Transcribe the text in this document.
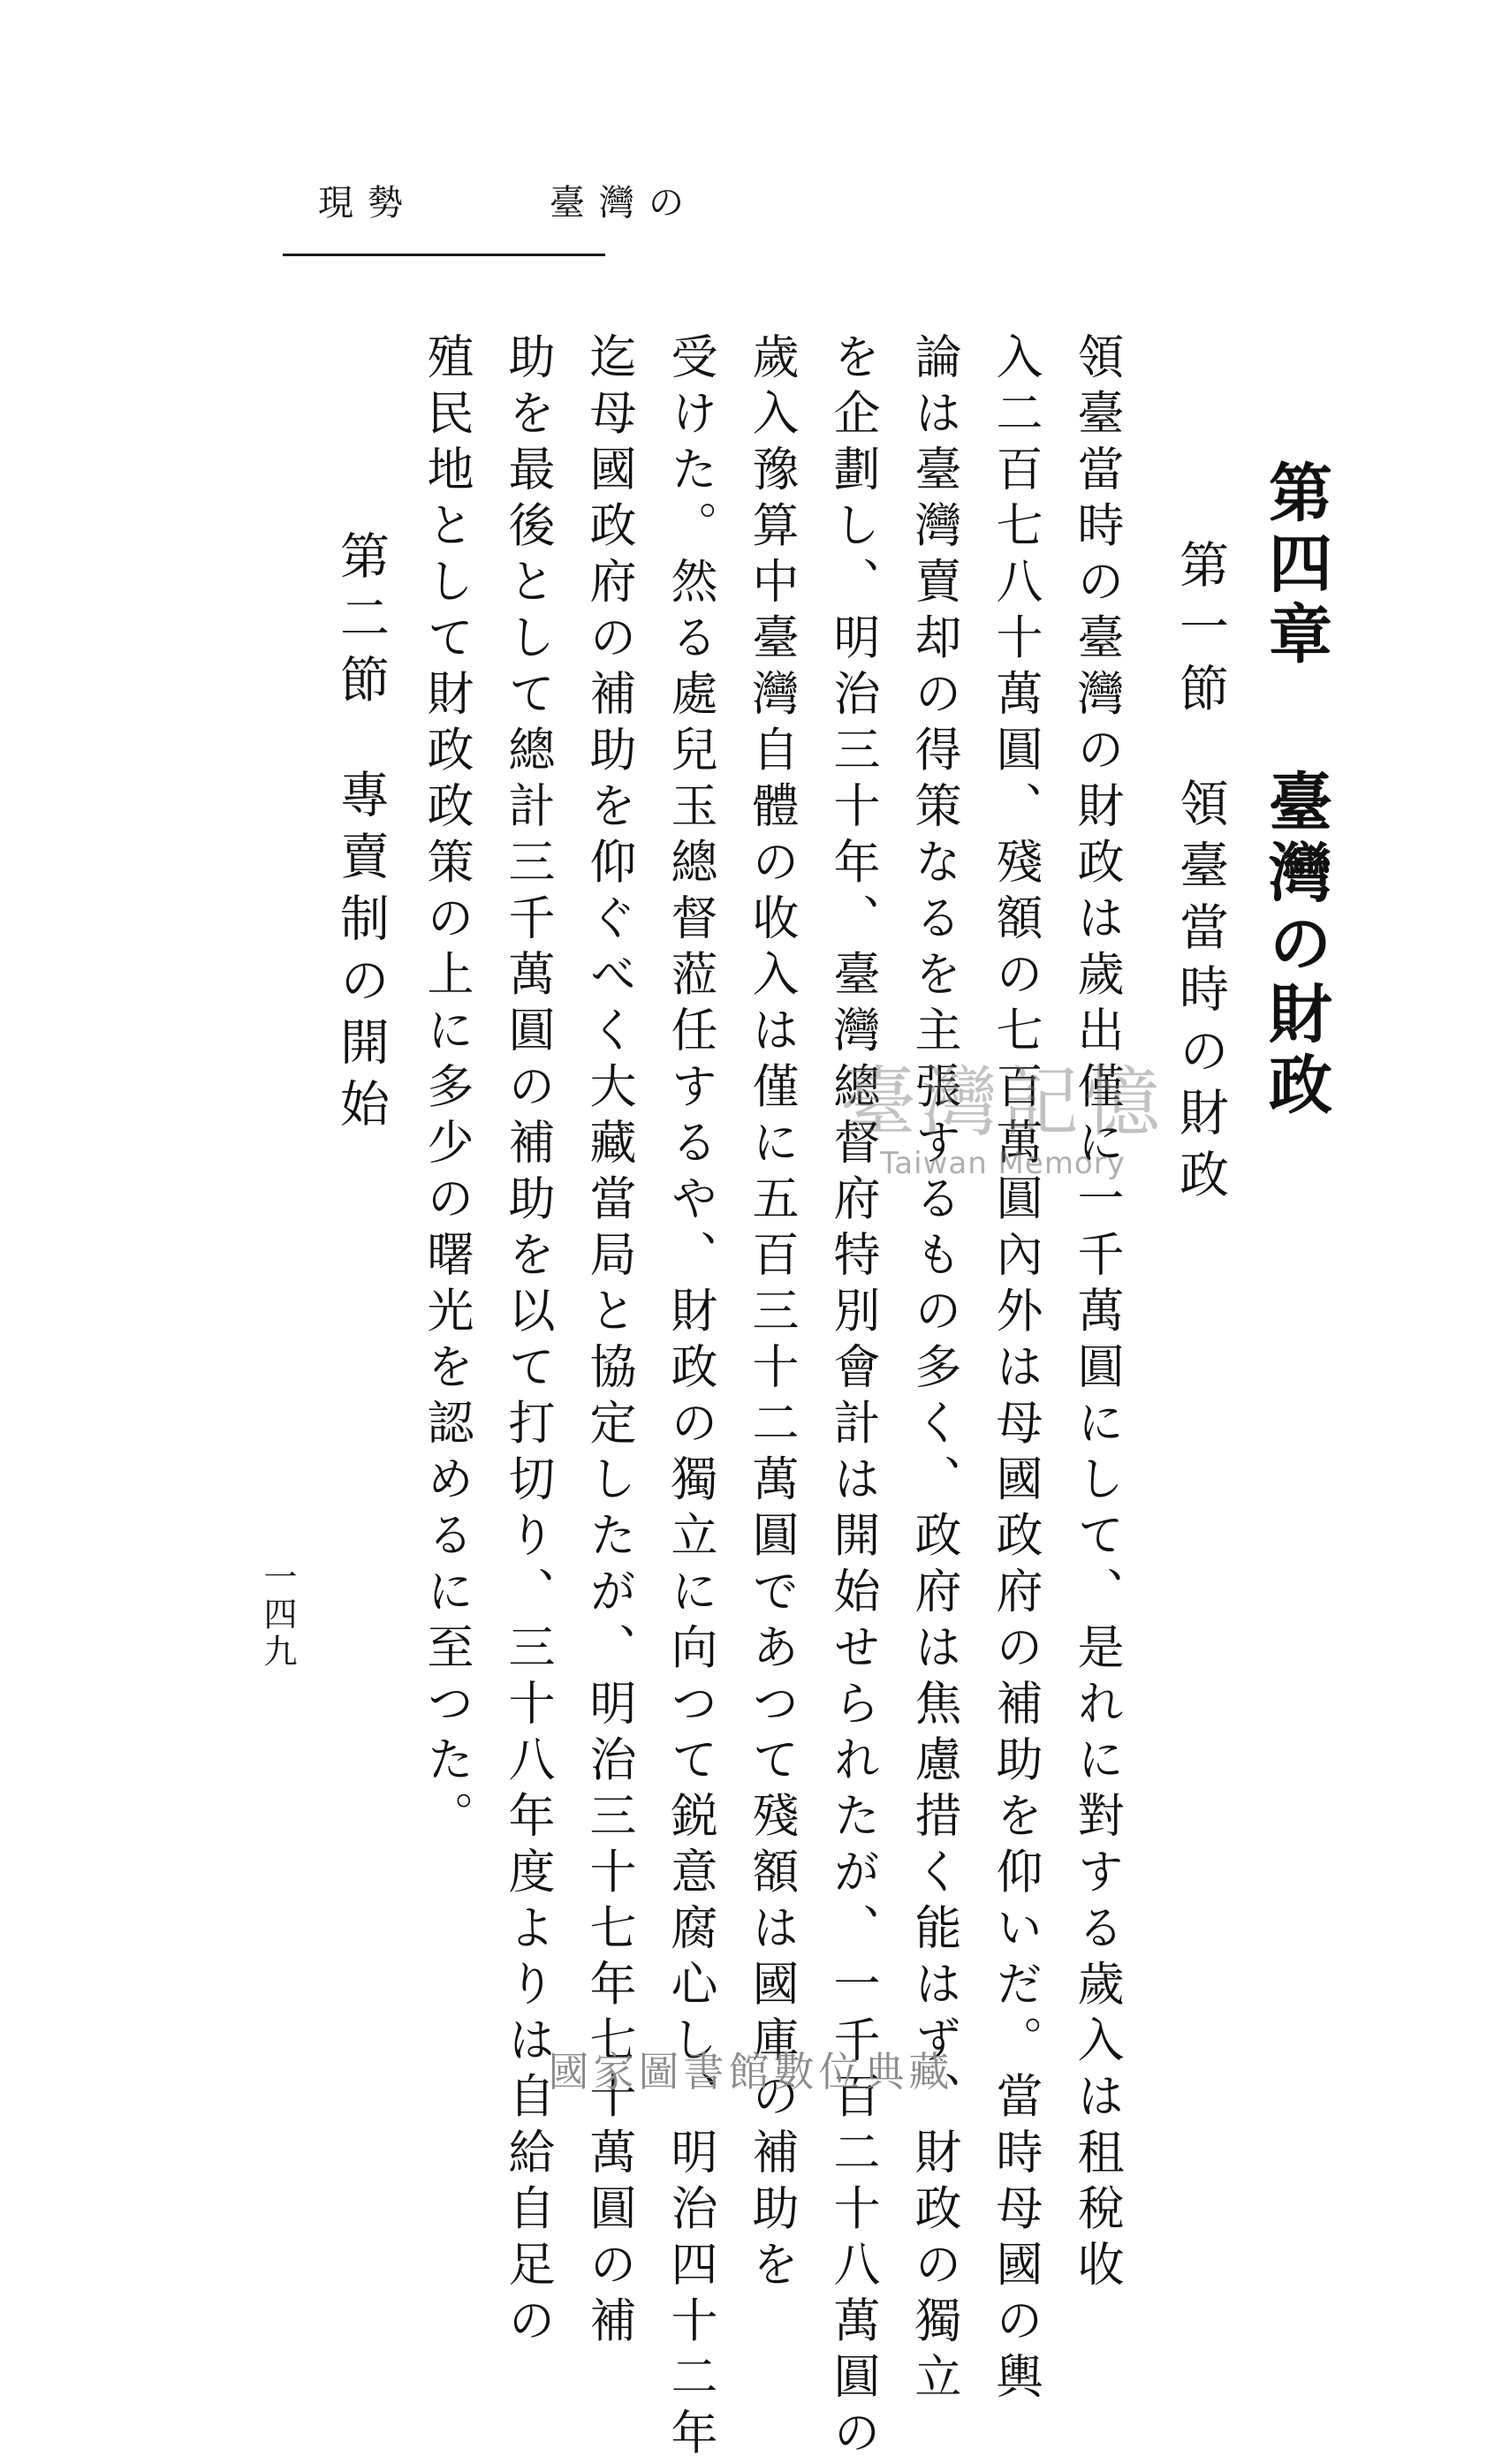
現勢	臺灣の
第四章臺灣の財政
第一節領臺當時の財政
領臺當時の臺灣の財政は歲出僅に一千萬圓にして、是れに對する歲入は租稅收
入二百七八十萬圓、殘額の七百萬圓內外は母國政府の補助を仰いだ。當時母國の輿
論は臺灣賣却の得策なるを主張するもの多く、政府は焦慮措く能はず、財政の獨立
を企劃し、明治三十年、臺灣總督府特別會計は開始せられたが、一千百二十八萬圓の
歲入豫算中臺灣自體の收入は僅に五百三十二萬圓であつて殘額は國庫の補助を
受けた。然る處兒玉總督蒞任するや、財政の獨立に向つて鋭意腐心し、明治四十二年
迄母國政府の補助を仰ぐべく大藏當局と協定したが、明治三十七年七十萬圓の補
助を最後として總計三千萬圓の補助を以て打切り、三十八年度よりは自給自足の
殖民地として財政政策の上に多少の曙光を認めるに至つた。
第二節專賣制の開始
一四九
臺灣記憶
Taiwan Memory
國家圖書館數位典藏
